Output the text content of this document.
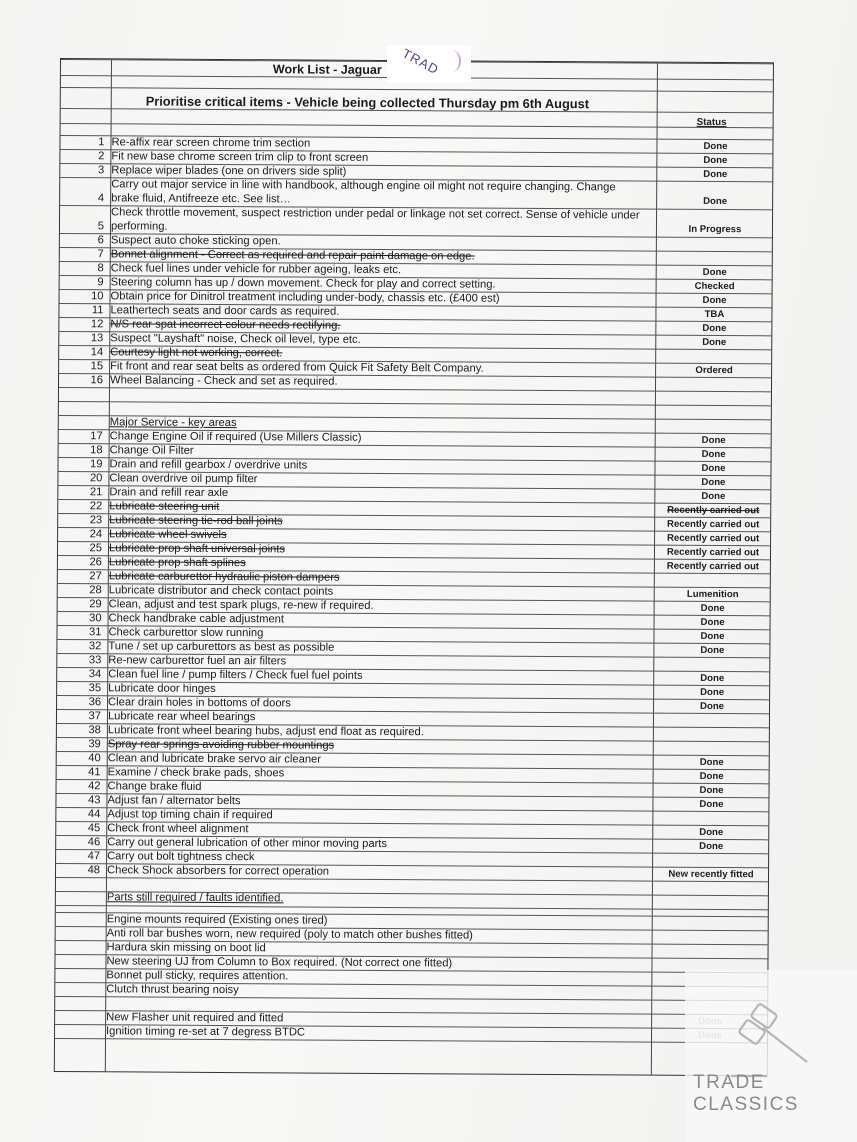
Work List - Jaguar
Prioritise critical items - Vehicle being collected Thursday pm 6th August
Status
1 Re-affix rear screen chrome trim section	Done
2 Fit new base chrome screen trim clip to front screen	Done
3 Replace wiper blades (one on drivers side split)	Done
Carry out major service in line with handbook, although engine oil might not require changing. Change
brake fluid, Antifreeze etc. See list…
4	Done
Check throttle movement, suspect restriction under pedal or linkage not set correct. Sense of vehicle under
performing.
5	In Progress
6 Suspect auto choke sticking open.
7 Bonnet alignment - Correct as required and repair paint damage on edge.
8 Check fuel lines under vehicle for rubber ageing, leaks etc.	Done
9 Steering column has up / down movement. Check for play and correct setting.	Checked
10 Obtain price for Dinitrol treatment including under-body, chassis etc. (£400 est)	Done
11 Leathertech seats and door cards as required.	TBA
12 N/S rear spat incorrect colour needs rectifying.	Done
13 Suspect "Layshaft" noise, Check oil level, type etc.	Done
14 Courtesy light not working, correct.
15 Fit front and rear seat belts as ordered from Quick Fit Safety Belt Company.	Ordered
16 Wheel Balancing - Check and set as required.
Major Service - key areas
17 Change Engine Oil if required (Use Millers Classic)	Done
18 Change Oil Filter	Done
19 Drain and refill gearbox / overdrive units	Done
20 Clean overdrive oil pump filter	Done
21 Drain and refill rear axle	Done
22 Lubricate steering unit	Recently carried out
23 Lubricate steering tie-rod ball joints	Recently carried out
24 Lubricate wheel swivels	Recently carried out
25 Lubricate prop shaft universal joints	Recently carried out
26 Lubricate prop shaft splines	Recently carried out
27 Lubricate carburettor hydraulic piston dampers
28 Lubricate distributor and check contact points	Lumenition
29 Clean, adjust and test spark plugs, re-new if required.	Done
30 Check handbrake cable adjustment	Done
31 Check carburettor slow running	Done
32 Tune / set up carburettors as best as possible	Done
33 Re-new carburettor fuel an air filters
34 Clean fuel line / pump filters / Check fuel fuel points	Done
35 Lubricate door hinges	Done
36 Clear drain holes in bottoms of doors	Done
37 Lubricate rear wheel bearings
38 Lubricate front wheel bearing hubs, adjust end float as required.
39 Spray rear springs avoiding rubber mountings
40 Clean and lubricate brake servo air cleaner	Done
41 Examine / check brake pads, shoes	Done
42 Change brake fluid	Done
43 Adjust fan / alternator belts	Done
44 Adjust top timing chain if required
45 Check front wheel alignment	Done
46 Carry out general lubrication of other minor moving parts	Done
47 Carry out bolt tightness check
48 Check Shock absorbers for correct operation	New recently fitted
Parts still required / faults identified.
Engine mounts required (Existing ones tired)
Anti roll bar bushes worn, new required (poly to match other bushes fitted)
Hardura skin missing on boot lid
New steering UJ from Column to Box required. (Not correct one fitted)
Bonnet pull sticky, requires attention.
Clutch thrust bearing noisy
New Flasher unit required and fitted
Ignition timing re-set at 7 degress BTDC
TRAD
TRADE CLASSICS
